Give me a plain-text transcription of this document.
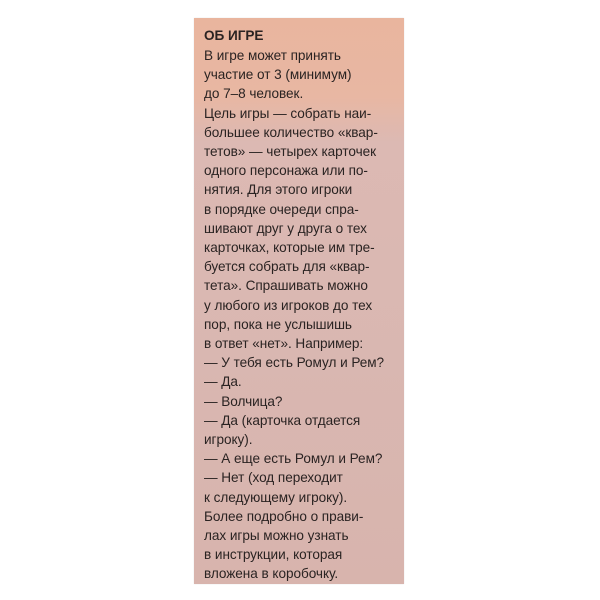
ОБ ИГРЕ
В игре может принять
участие от 3 (минимум)
до 7–8 человек.
Цель игры — собрать наи-
большее количество «квар-
тетов» — четырех карточек
одного персонажа или по-
нятия. Для этого игроки
в порядке очереди спра-
шивают друг у друга о тех
карточках, которые им тре-
буется собрать для «квар-
тета». Спрашивать можно
у любого из игроков до тех
пор, пока не услышишь
в ответ «нет». Например:
— У тебя есть Ромул и Рем?
— Да.
— Волчица?
— Да (карточка отдается
игроку).
— А еще есть Ромул и Рем?
— Нет (ход переходит
к следующему игроку).
Более подробно о прави-
лах игры можно узнать
в инструкции, которая
вложена в коробочку.
